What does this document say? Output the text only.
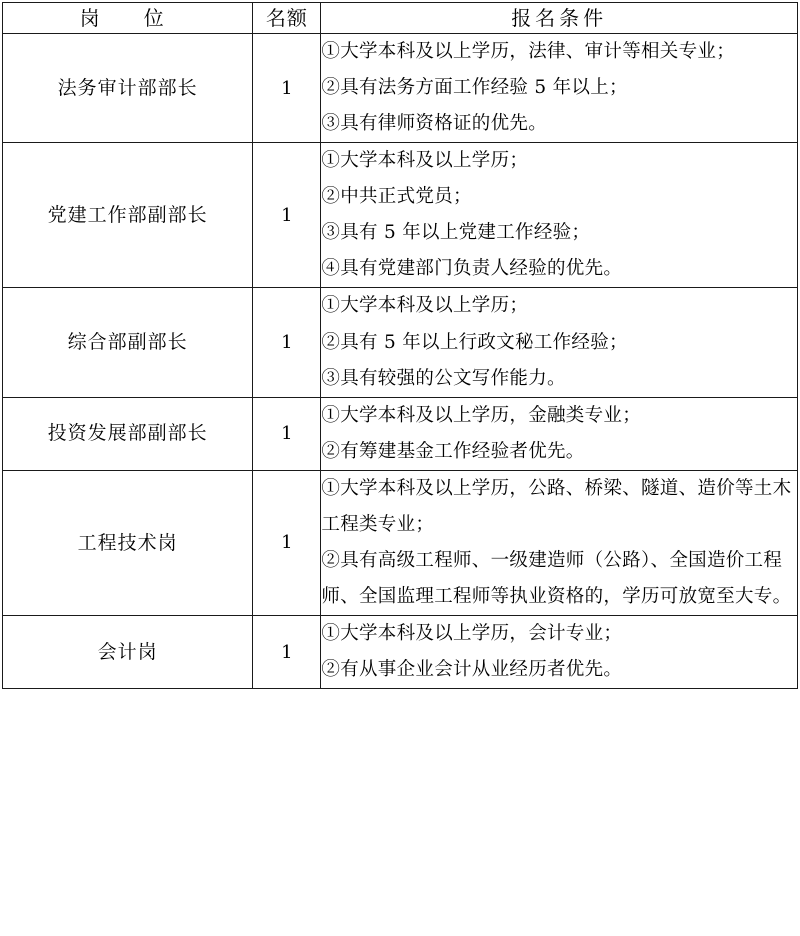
岗　位	名额	报名条件
法务审计部部长	1	①大学本科及以上学历，法律、审计等相关专业；
②具有法务方面工作经验 5 年以上；
③具有律师资格证的优先。

党建工作部副部长	1	①大学本科及以上学历；
②中共正式党员；
③具有 5 年以上党建工作经验；
④具有党建部门负责人经验的优先。

综合部副部长	1	①大学本科及以上学历；
②具有 5 年以上行政文秘工作经验；
③具有较强的公文写作能力。

投资发展部副部长	1	①大学本科及以上学历，金融类专业；
②有筹建基金工作经验者优先。

工程技术岗	1	①大学本科及以上学历，公路、桥梁、隧道、造价等土木工程类专业；
②具有高级工程师、一级建造师（公路）、全国造价工程师、全国监理工程师等执业资格的，学历可放宽至大专。

会计岗	1	①大学本科及以上学历，会计专业；
②有从事企业会计从业经历者优先。
